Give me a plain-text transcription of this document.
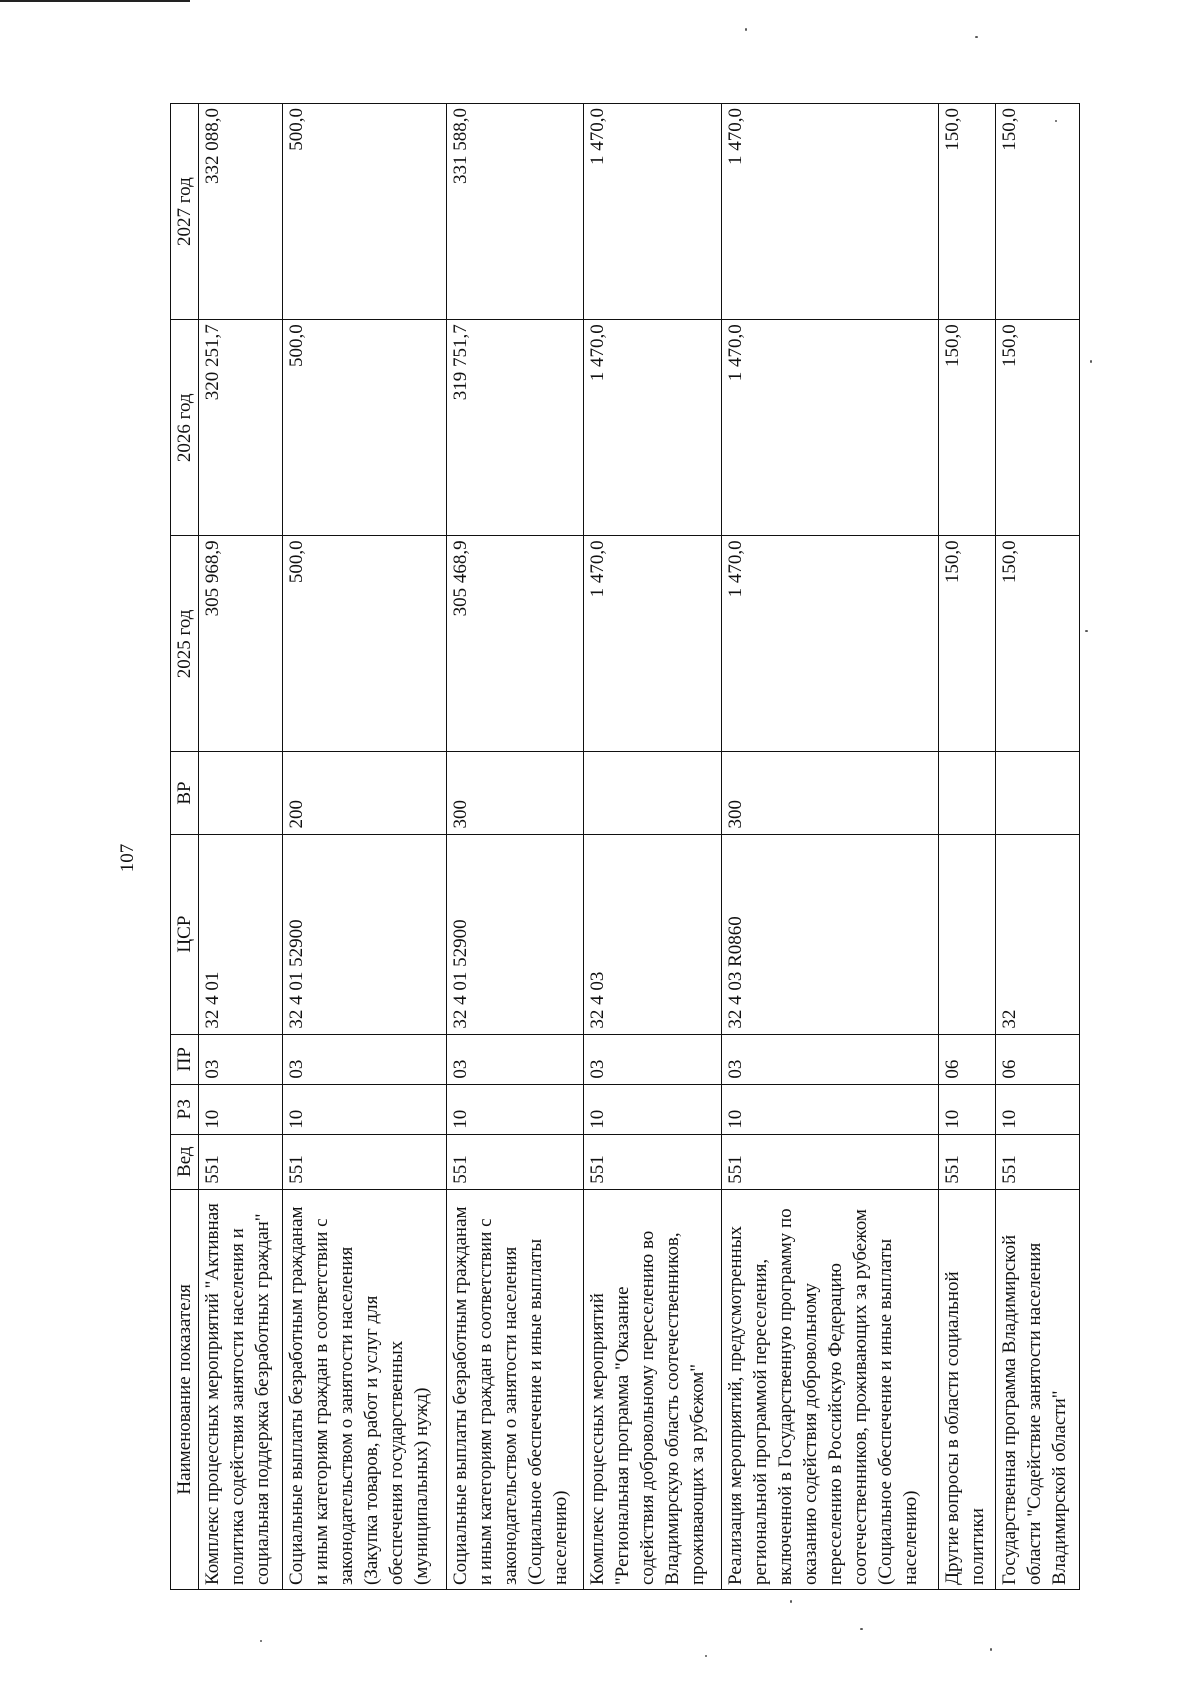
107
Наименование показателя	Вед	РЗ	ПР	ЦСР	ВР	2025 год	2026 год	2027 год
Комплекс процессных мероприятий "Активная политика содействия занятости населения и социальная поддержка безработных граждан"	551	10	03	32 4 01		305 968,9	320 251,7	332 088,0
Социальные выплаты безработным гражданам и иным категориям граждан в соответствии с законодательством о занятости населения (Закупка товаров, работ и услуг для обеспечения государственных (муниципальных) нужд)	551	10	03	32 4 01 52900	200	500,0	500,0	500,0
Социальные выплаты безработным гражданам и иным категориям граждан в соответствии с законодательством о занятости населения (Социальное обеспечение и иные выплаты населению)	551	10	03	32 4 01 52900	300	305 468,9	319 751,7	331 588,0
Комплекс процессных мероприятий "Региональная программа "Оказание содействия добровольному переселению во Владимирскую область соотечественников, проживающих за рубежом"	551	10	03	32 4 03		1 470,0	1 470,0	1 470,0
Реализация мероприятий, предусмотренных региональной программой переселения, включенной в Государственную программу по оказанию содействия добровольному переселению в Российскую Федерацию соотечественников, проживающих за рубежом (Социальное обеспечение и иные выплаты населению)	551	10	03	32 4 03 R0860	300	1 470,0	1 470,0	1 470,0
Другие вопросы в области социальной политики	551	10	06			150,0	150,0	150,0
Государственная программа Владимирской области "Содействие занятости населения Владимирской области"	551	10	06	32		150,0	150,0	150,0
